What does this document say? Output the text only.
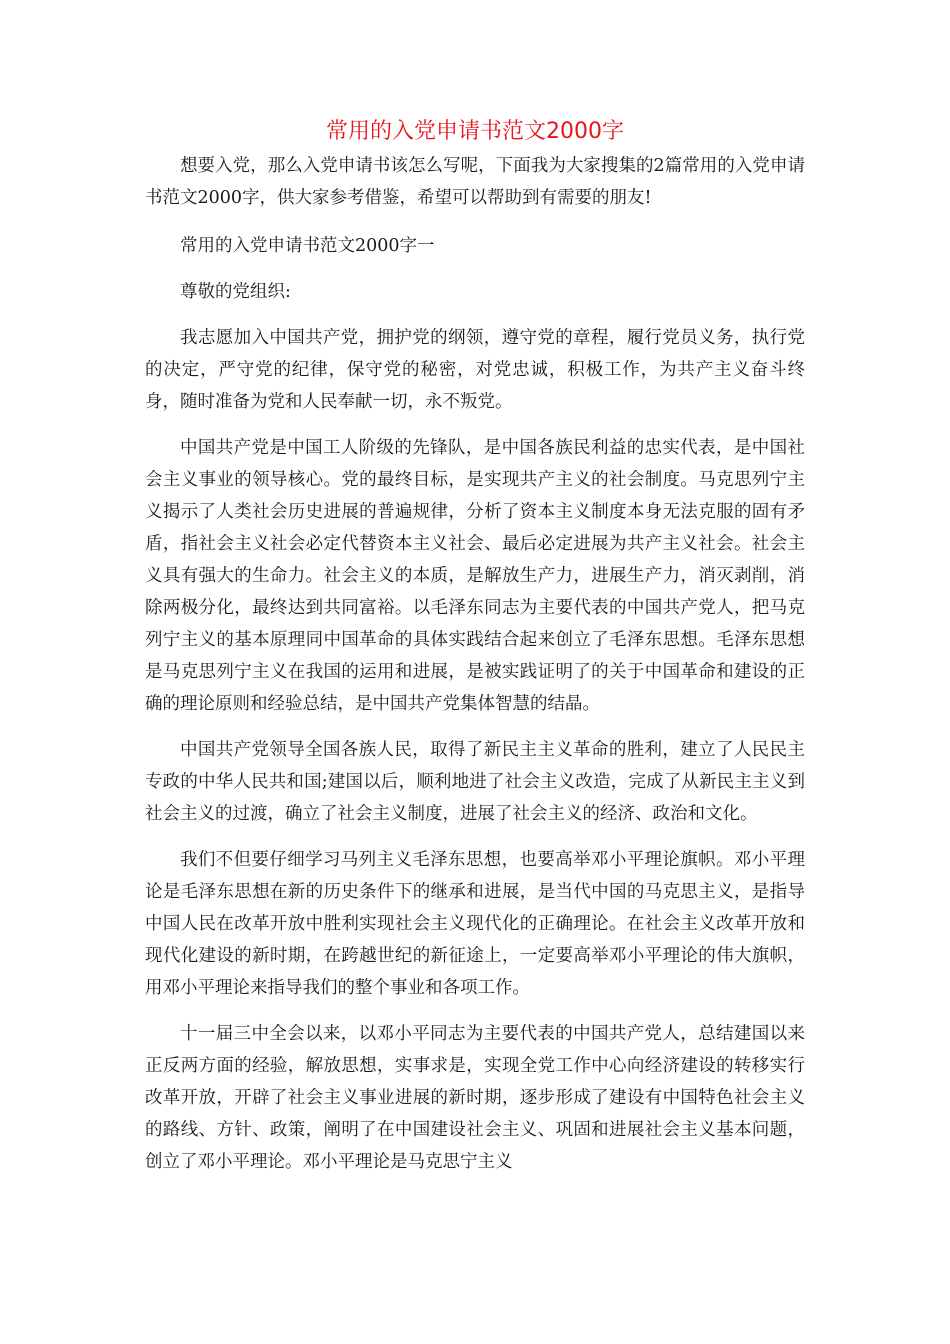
常用的入党申请书范文2000字

想要入党，那么入党申请书该怎么写呢，下面我为大家搜集的2篇常用的入党申请书范文2000字，供大家参考借鉴，希望可以帮助到有需要的朋友!

常用的入党申请书范文2000字一

尊敬的党组织:

我志愿加入中国共产党，拥护党的纲领，遵守党的章程，履行党员义务，执行党的决定，严守党的纪律，保守党的秘密，对党忠诚，积极工作，为共产主义奋斗终身，随时准备为党和人民奉献一切，永不叛党。

中国共产党是中国工人阶级的先锋队，是中国各族民利益的忠实代表，是中国社会主义事业的领导核心。党的最终目标，是实现共产主义的社会制度。马克思列宁主义揭示了人类社会历史进展的普遍规律，分析了资本主义制度本身无法克服的固有矛盾，指社会主义社会必定代替资本主义社会、最后必定进展为共产主义社会。社会主义具有强大的生命力。社会主义的本质，是解放生产力，进展生产力，消灭剥削，消除两极分化，最终达到共同富裕。以毛泽东同志为主要代表的中国共产党人，把马克列宁主义的基本原理同中国革命的具体实践结合起来创立了毛泽东思想。毛泽东思想是马克思列宁主义在我国的运用和进展，是被实践证明了的关于中国革命和建设的正确的理论原则和经验总结，是中国共产党集体智慧的结晶。

中国共产党领导全国各族人民，取得了新民主主义革命的胜利，建立了人民民主专政的中华人民共和国;建国以后，顺利地进了社会主义改造，完成了从新民主主义到社会主义的过渡，确立了社会主义制度，进展了社会主义的经济、政治和文化。

我们不但要仔细学习马列主义毛泽东思想，也要高举邓小平理论旗帜。邓小平理论是毛泽东思想在新的历史条件下的继承和进展，是当代中国的马克思主义，是指导中国人民在改革开放中胜利实现社会主义现代化的正确理论。在社会主义改革开放和现代化建设的新时期，在跨越世纪的新征途上，一定要高举邓小平理论的伟大旗帜，用邓小平理论来指导我们的整个事业和各项工作。

十一届三中全会以来，以邓小平同志为主要代表的中国共产党人，总结建国以来正反两方面的经验，解放思想，实事求是，实现全党工作中心向经济建设的转移实行改革开放，开辟了社会主义事业进展的新时期，逐步形成了建设有中国特色社会主义的路线、方针、政策，阐明了在中国建设社会主义、巩固和进展社会主义基本问题，创立了邓小平理论。邓小平理论是马克思宁主义
